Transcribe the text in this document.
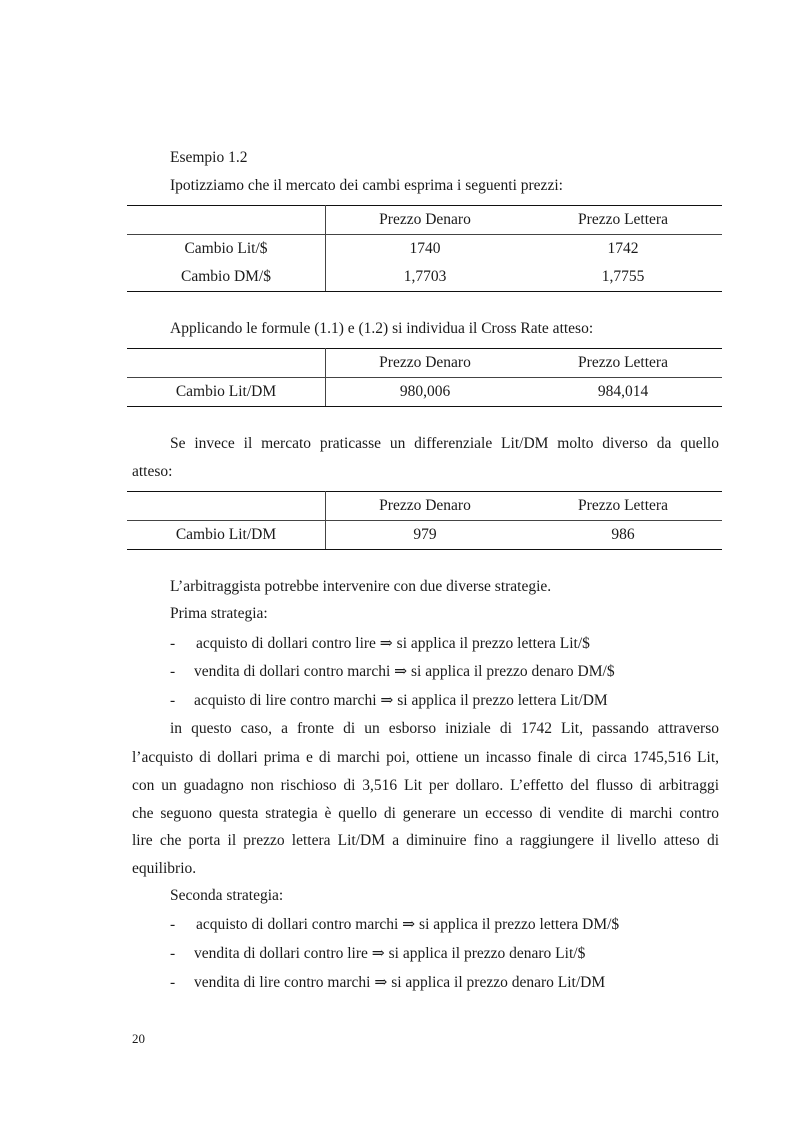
Esempio 1.2
Ipotizziamo che il mercato dei cambi esprima i seguenti prezzi:
	Prezzo Denaro	Prezzo Lettera
Cambio Lit/$	1740	1742
Cambio DM/$	1,7703	1,7755
Applicando le formule (1.1) e (1.2) si individua il Cross Rate atteso:
	Prezzo Denaro	Prezzo Lettera
Cambio Lit/DM	980,006	984,014
Se invece il mercato praticasse un differenziale Lit/DM molto diverso da quello
atteso:
	Prezzo Denaro	Prezzo Lettera
Cambio Lit/DM	979	986
L’arbitraggista potrebbe intervenire con due diverse strategie.
Prima strategia:
- acquisto di dollari contro lire ⇒ si applica il prezzo lettera Lit/$
- vendita di dollari contro marchi ⇒ si applica il prezzo denaro DM/$
- acquisto di lire contro marchi ⇒ si applica il prezzo lettera Lit/DM
in questo caso, a fronte di un esborso iniziale di 1742 Lit, passando attraverso
l’acquisto di dollari prima e di marchi poi, ottiene un incasso finale di circa 1745,516 Lit,
con un guadagno non rischioso di 3,516 Lit per dollaro. L’effetto del flusso di arbitraggi
che seguono questa strategia è quello di generare un eccesso di vendite di marchi contro
lire che porta il prezzo lettera Lit/DM a diminuire fino a raggiungere il livello atteso di
equilibrio.
Seconda strategia:
- acquisto di dollari contro marchi ⇒ si applica il prezzo lettera DM/$
- vendita di dollari contro lire ⇒ si applica il prezzo denaro Lit/$
- vendita di lire contro marchi ⇒ si applica il prezzo denaro Lit/DM
20
